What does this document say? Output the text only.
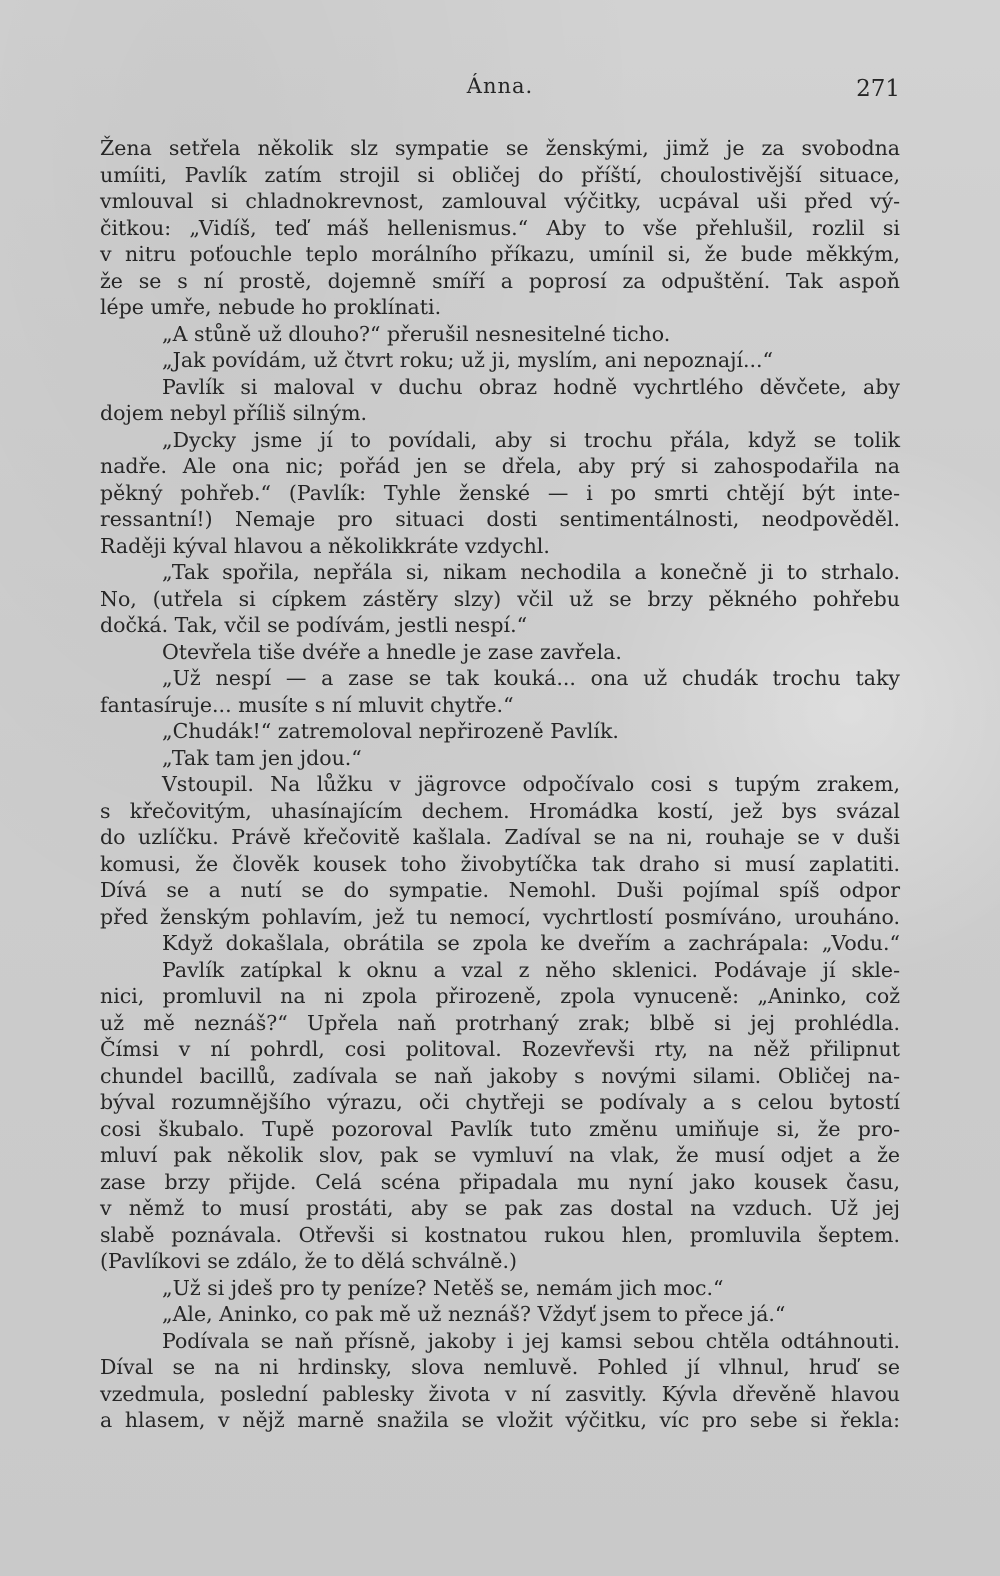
Ánna.	271
Žena setřela několik slz sympatie se ženskými, jimž je za svobodna
umíiti, Pavlík zatím strojil si obličej do příští, choulostivější situace,
vmlouval si chladnokrevnost, zamlouval výčitky, ucpával uši před vý-
čitkou: „Vidíš, teď máš hellenismus.“ Aby to vše přehlušil, rozlil si
v nitru poťouchle teplo morálního příkazu, umínil si, že bude měkkým,
že se s ní prostě, dojemně smíří a poprosí za odpuštění. Tak aspoň
lépe umře, nebude ho proklínati.
„A stůně už dlouho?“ přerušil nesnesitelné ticho.
„Jak povídám, už čtvrt roku; už ji, myslím, ani nepoznají...“
Pavlík si maloval v duchu obraz hodně vychrtlého děvčete, aby
dojem nebyl příliš silným.
„Dycky jsme jí to povídali, aby si trochu přála, když se tolik
nadře. Ale ona nic; pořád jen se dřela, aby prý si zahospodařila na
pěkný pohřeb.“ (Pavlík: Tyhle ženské — i po smrti chtějí být inte-
ressantní!) Nemaje pro situaci dosti sentimentálnosti, neodpověděl.
Raději kýval hlavou a několikkráte vzdychl.
„Tak spořila, nepřála si, nikam nechodila a konečně ji to strhalo.
No, (utřela si cípkem zástěry slzy) včil už se brzy pěkného pohřebu
dočká. Tak, včil se podívám, jestli nespí.“
Otevřela tiše dvéře a hnedle je zase zavřela.
„Už nespí — a zase se tak kouká... ona už chudák trochu taky
fantasíruje... musíte s ní mluvit chytře.“
„Chudák!“ zatremoloval nepřirozeně Pavlík.
„Tak tam jen jdou.“
Vstoupil. Na lůžku v jägrovce odpočívalo cosi s tupým zrakem,
s křečovitým, uhasínajícím dechem. Hromádka kostí, jež bys svázal
do uzlíčku. Právě křečovitě kašlala. Zadíval se na ni, rouhaje se v duši
komusi, že člověk kousek toho živobytíčka tak draho si musí zaplatiti.
Dívá se a nutí se do sympatie. Nemohl. Duši pojímal spíš odpor
před ženským pohlavím, jež tu nemocí, vychrtlostí posmíváno, urouháno.
Když dokašlala, obrátila se zpola ke dveřím a zachrápala: „Vodu.“
Pavlík zatípkal k oknu a vzal z něho sklenici. Podávaje jí skle-
nici, promluvil na ni zpola přirozeně, zpola vynuceně: „Aninko, což
už mě neznáš?“ Upřela naň protrhaný zrak; blbě si jej prohlédla.
Čímsi v ní pohrdl, cosi politoval. Rozevřevši rty, na něž přilipnut
chundel bacillů, zadívala se naň jakoby s novými silami. Obličej na-
býval rozumnějšího výrazu, oči chytřeji se podívaly a s celou bytostí
cosi škubalo. Tupě pozoroval Pavlík tuto změnu umiňuje si, že pro-
mluví pak několik slov, pak se vymluví na vlak, že musí odjet a že
zase brzy přijde. Celá scéna připadala mu nyní jako kousek času,
v němž to musí prostáti, aby se pak zas dostal na vzduch. Už jej
slabě poznávala. Otřevši si kostnatou rukou hlen, promluvila šeptem.
(Pavlíkovi se zdálo, že to dělá schválně.)
„Už si jdeš pro ty peníze? Netěš se, nemám jich moc.“
„Ale, Aninko, co pak mě už neznáš? Vždyť jsem to přece já.“
Podívala se naň přísně, jakoby i jej kamsi sebou chtěla odtáhnouti.
Díval se na ni hrdinsky, slova nemluvě. Pohled jí vlhnul, hruď se
vzedmula, poslední pablesky života v ní zasvitly. Kývla dřevěně hlavou
a hlasem, v nějž marně snažila se vložit výčitku, víc pro sebe si řekla:
